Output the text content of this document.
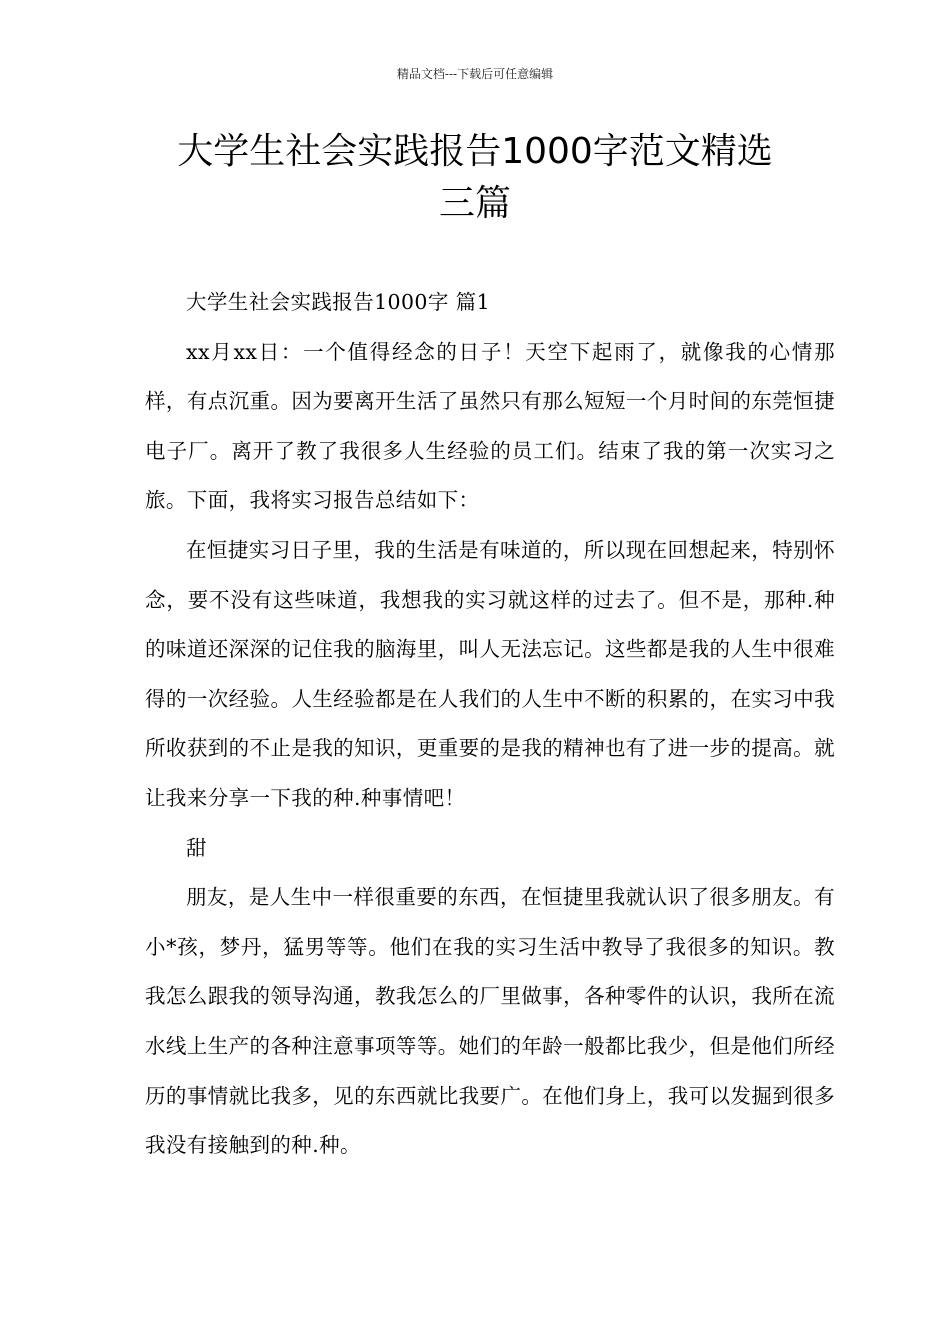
精品文档---下载后可任意编辑
大学生社会实践报告1000字范文精选
三篇

大学生社会实践报告1000字 篇1

xx月xx日：一个值得经念的日子！天空下起雨了，就像我的心情那样，有点沉重。因为要离开生活了虽然只有那么短短一个月时间的东莞恒捷电子厂。离开了教了我很多人生经验的员工们。结束了我的第一次实习之旅。下面，我将实习报告总结如下：

在恒捷实习日子里，我的生活是有味道的，所以现在回想起来，特别怀念，要不没有这些味道，我想我的实习就这样的过去了。但不是，那种.种的味道还深深的记住我的脑海里，叫人无法忘记。这些都是我的人生中很难得的一次经验。人生经验都是在人我们的人生中不断的积累的，在实习中我所收获到的不止是我的知识，更重要的是我的精神也有了进一步的提高。就让我来分享一下我的种.种事情吧！

甜

朋友，是人生中一样很重要的东西，在恒捷里我就认识了很多朋友。有小*孩，梦丹，猛男等等。他们在我的实习生活中教导了我很多的知识。教我怎么跟我的领导沟通，教我怎么的厂里做事，各种零件的认识，我所在流水线上生产的各种注意事项等等。她们的年龄一般都比我少，但是他们所经历的事情就比我多，见的东西就比我要广。在他们身上，我可以发掘到很多我没有接触到的种.种。
